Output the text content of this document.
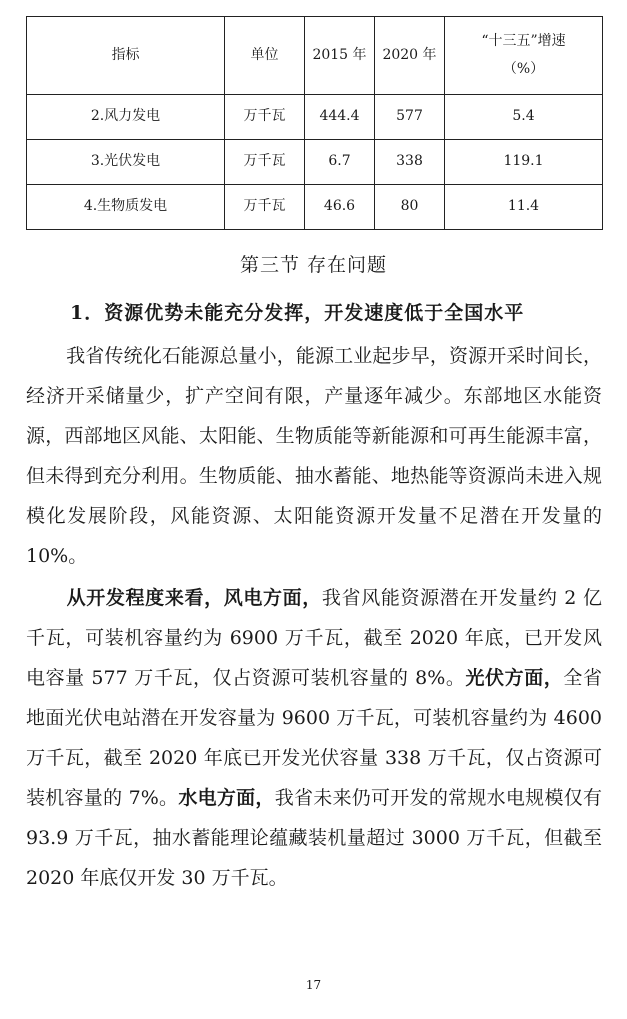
指标	单位	2015 年	2020 年	“十三五”增速
（%）

2.风力发电	万千瓦	444.4	577	5.4
3.光伏发电	万千瓦	6.7	338	119.1
4.生物质发电	万千瓦	46.6	80	11.4
第三节 存在问题
1．资源优势未能充分发挥，开发速度低于全国水平
我省传统化石能源总量小，能源工业起步早，资源开采时间长，经济开采储量少，扩产空间有限，产量逐年减少。东部地区水能资源，西部地区风能、太阳能、生物质能等新能源和可再生能源丰富，但未得到充分利用。生物质能、抽水蓄能、地热能等资源尚未进入规模化发展阶段，风能资源、太阳能资源开发量不足潜在开发量的 10%。
从开发程度来看，风电方面，我省风能资源潜在开发量约 2 亿千瓦，可装机容量约为 6900 万千瓦，截至 2020 年底，已开发风电容量 577 万千瓦，仅占资源可装机容量的 8%。光伏方面，全省地面光伏电站潜在开发容量为 9600 万千瓦，可装机容量约为 4600 万千瓦，截至 2020 年底已开发光伏容量 338 万千瓦，仅占资源可装机容量的 7%。水电方面，我省未来仍可开发的常规水电规模仅有 93.9 万千瓦，抽水蓄能理论蕴藏装机量超过 3000 万千瓦，但截至 2020 年底仅开发 30 万千瓦。
17
